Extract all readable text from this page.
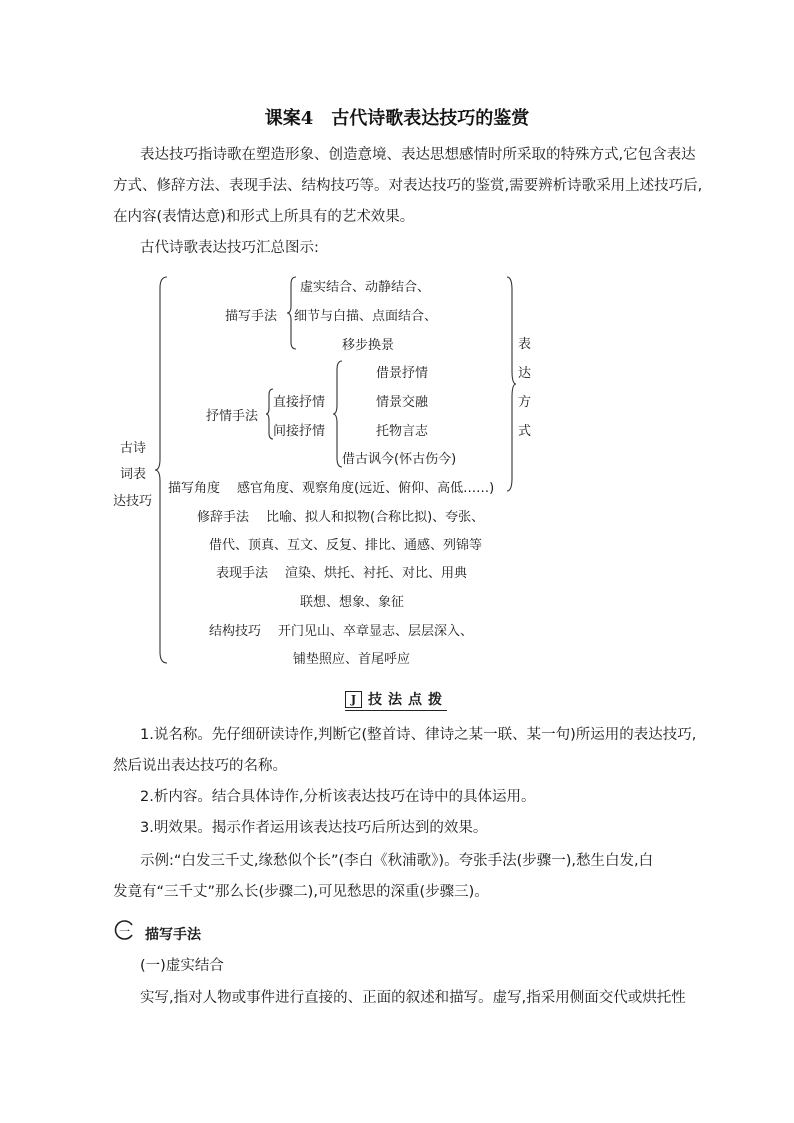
课案4　古代诗歌表达技巧的鉴赏
表达技巧指诗歌在塑造形象、创造意境、表达思想感情时所采取的特殊方式,它包含表达
方式、修辞方法、表现手法、结构技巧等。对表达技巧的鉴赏,需要辨析诗歌采用上述技巧后,
在内容(表情达意)和形式上所具有的艺术效果。
古代诗歌表达技巧汇总图示:
古诗
词表
达技巧
描写手法
虚实结合、动静结合、
细节与白描、点面结合、
移步换景
抒情手法
直接抒情
间接抒情
借景抒情
情景交融
托物言志
借古讽今(怀古伤今)
表
达
方
式
描写角度 感官角度、观察角度(远近、俯仰、高低……)
修辞手法 比喻、拟人和拟物(合称比拟)、夸张、
借代、顶真、互文、反复、排比、通感、列锦等
表现手法 渲染、烘托、衬托、对比、用典
联想、想象、象征
结构技巧 开门见山、卒章显志、层层深入、
铺垫照应、首尾呼应
J 技法点拨
1.说名称。先仔细研读诗作,判断它(整首诗、律诗之某一联、某一句)所运用的表达技巧,
然后说出表达技巧的名称。
2.析内容。结合具体诗作,分析该表达技巧在诗中的具体运用。
3.明效果。揭示作者运用该表达技巧后所达到的效果。
示例:“白发三千丈,缘愁似个长”(李白《秋浦歌》)。夸张手法(步骤一),愁生白发,白
发竟有“三千丈”那么长(步骤二),可见愁思的深重(步骤三)。
一 描写手法
(一)虚实结合
实写,指对人物或事件进行直接的、正面的叙述和描写。虚写,指采用侧面交代或烘托性
